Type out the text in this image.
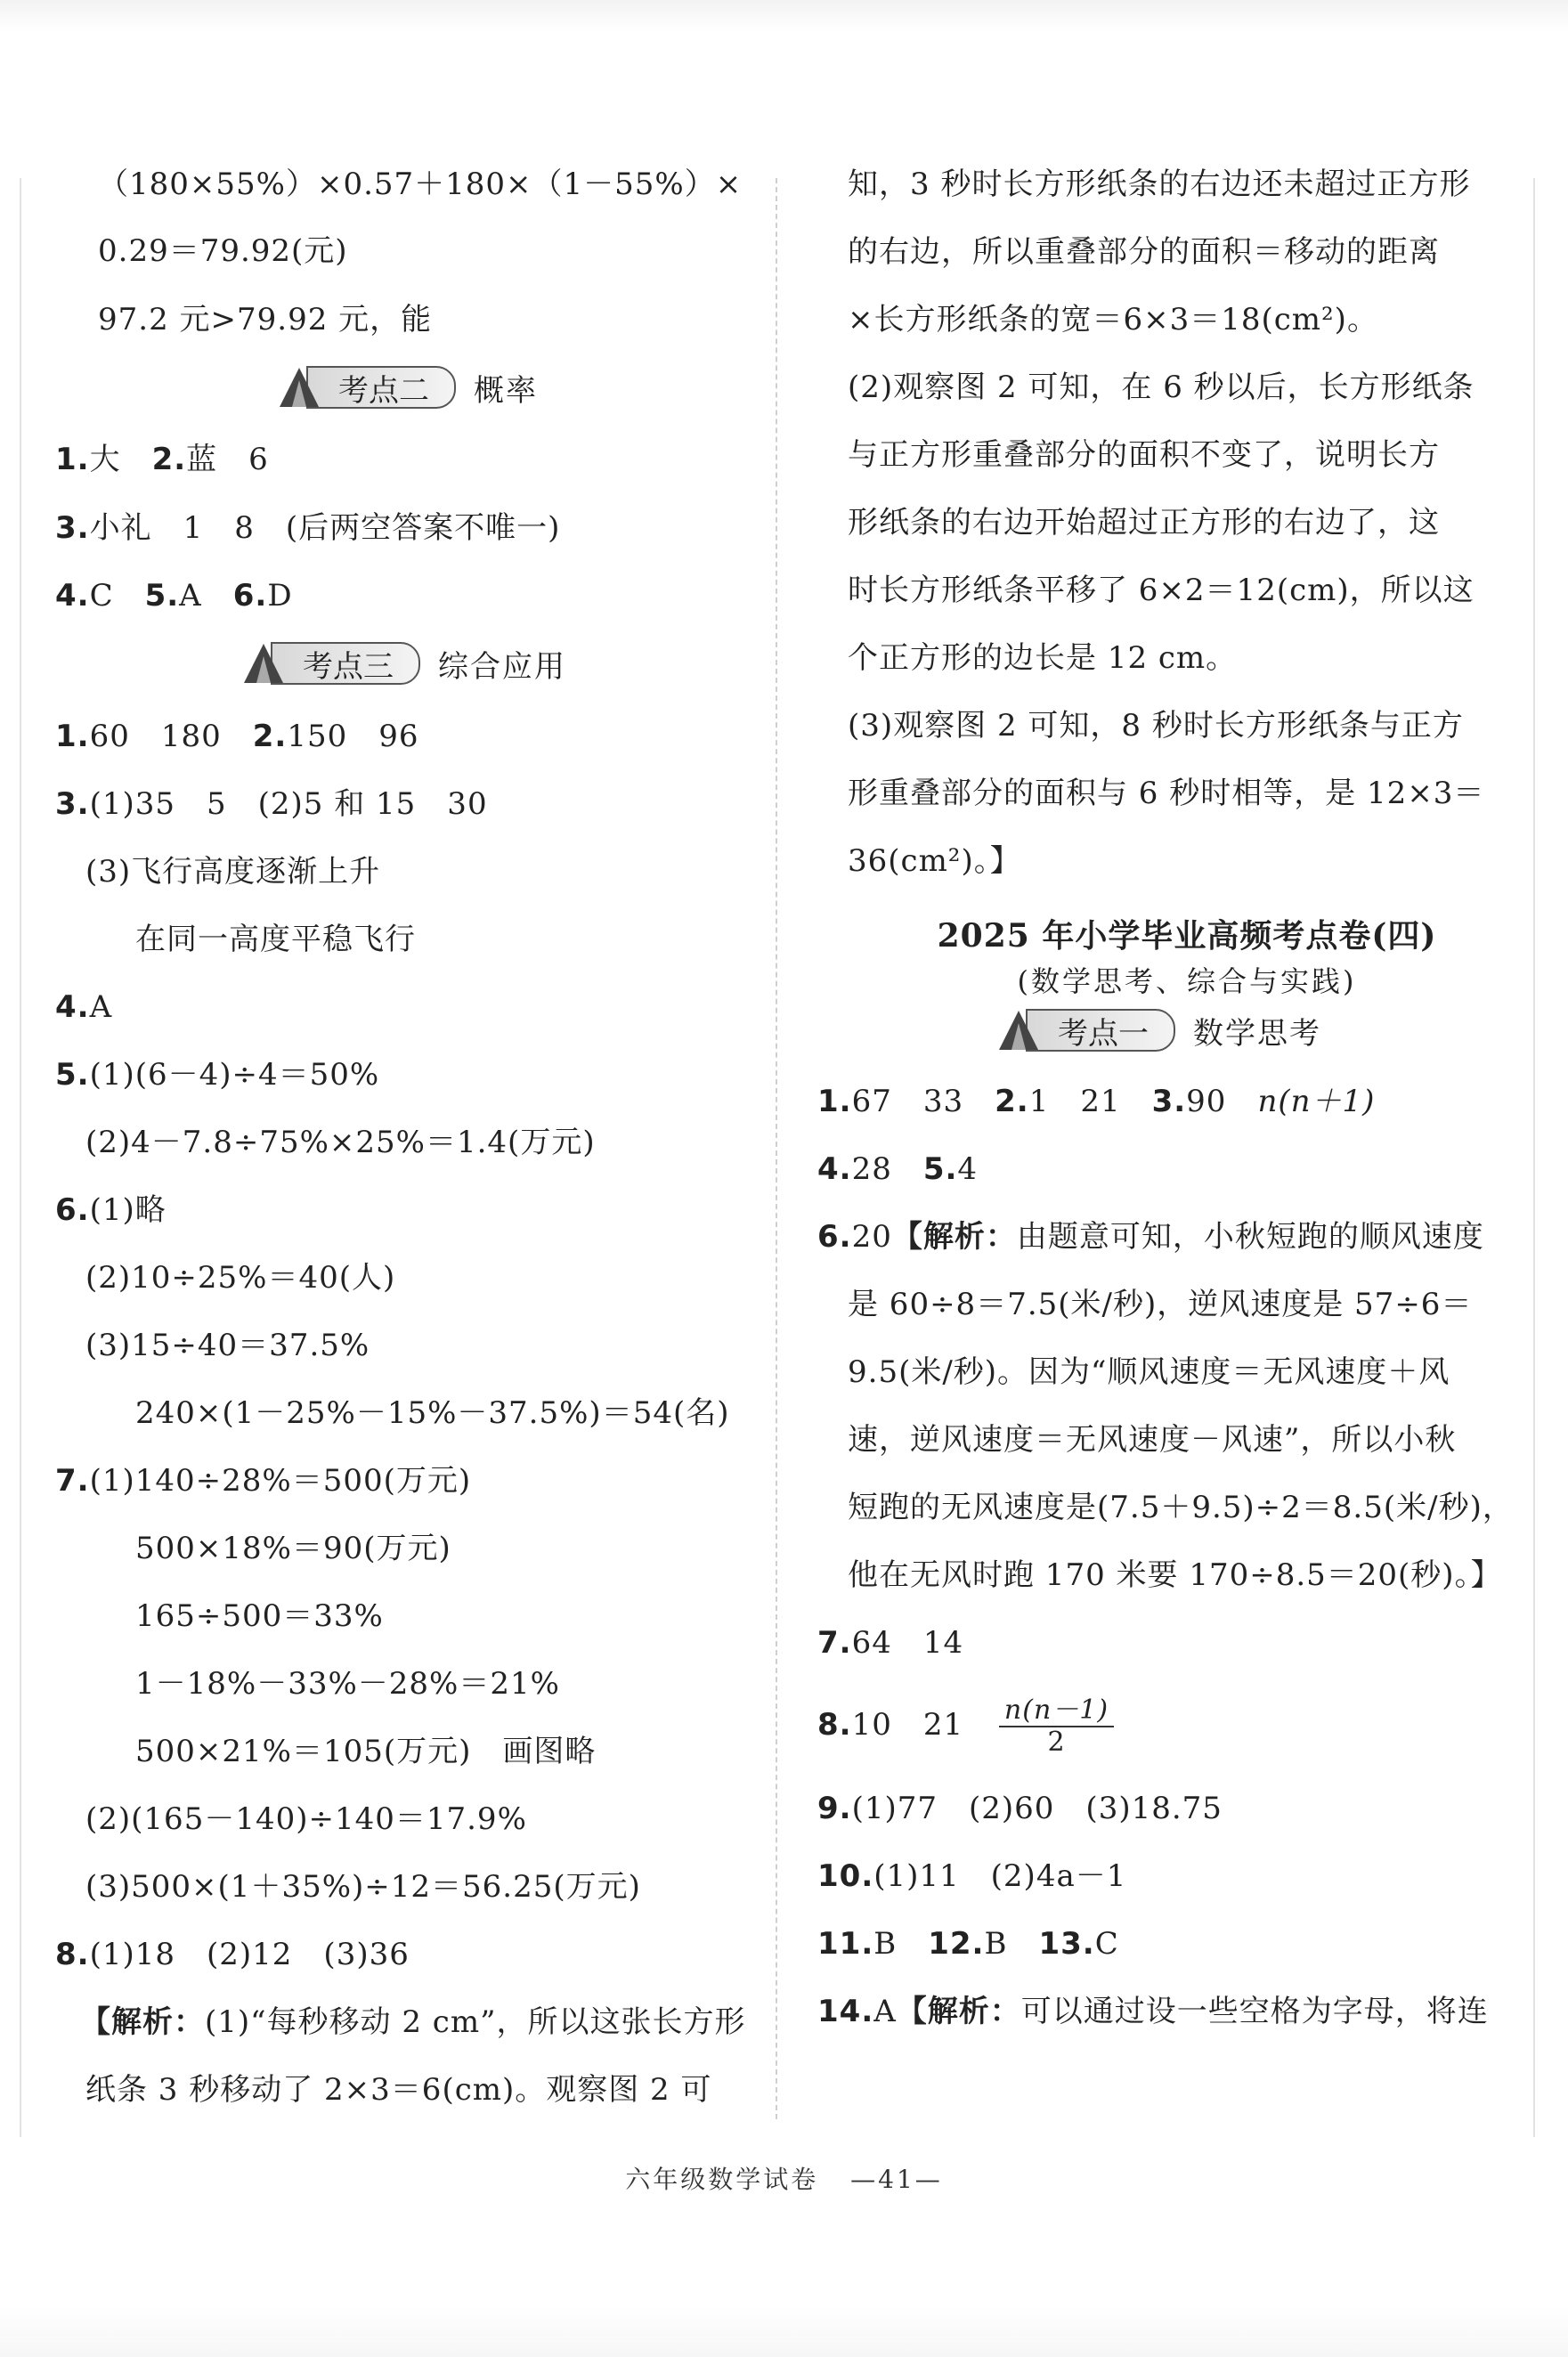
（180×55%）×0.57＋180×（1－55%）×
0.29＝79.92(元)
97.2 元>79.92 元，能
考点二	概率
1.大　 2.蓝　 6
3.小礼　 1　 8　 (后两空答案不唯一)
4.C　 5.A　 6.D
考点三	综合应用
1.60　 180　 2.150　 96
3.(1)35　5　(2)5 和 15　30
(3)飞行高度逐渐上升
在同一高度平稳飞行
4.A
5.(1)(6－4)÷4＝50%
(2)4－7.8÷75%×25%＝1.4(万元)
6.(1)略
(2)10÷25%＝40(人)
(3)15÷40＝37.5%
240×(1－25%－15%－37.5%)＝54(名)
7.(1)140÷28%＝500(万元)
500×18%＝90(万元)
165÷500＝33%
1－18%－33%－28%＝21%
500×21%＝105(万元)　画图略
(2)(165－140)÷140＝17.9%
(3)500×(1＋35%)÷12＝56.25(万元)
8.(1)18　(2)12　(3)36
【解析：(1)“每秒移动 2 cm”，所以这张长方形
纸条 3 秒移动了 2×3＝6(cm)。观察图 2 可
知，3 秒时长方形纸条的右边还未超过正方形
的右边，所以重叠部分的面积＝移动的距离
×长方形纸条的宽＝6×3＝18(cm²)。
(2)观察图 2 可知，在 6 秒以后，长方形纸条
与正方形重叠部分的面积不变了，说明长方
形纸条的右边开始超过正方形的右边了，这
时长方形纸条平移了 6×2＝12(cm)，所以这
个正方形的边长是 12 cm。
(3)观察图 2 可知，8 秒时长方形纸条与正方
形重叠部分的面积与 6 秒时相等，是 12×3＝
36(cm²)。】
2025 年小学毕业高频考点卷(四)
(数学思考、综合与实践)
考点一	数学思考
1.67　33　 2.1　21　 3.90　n(n＋1)
4.28　 5.4
6.20【解析：由题意可知，小秋短跑的顺风速度
是 60÷8＝7.5(米/秒)，逆风速度是 57÷6＝
9.5(米/秒)。因为“顺风速度＝无风速度＋风
速，逆风速度＝无风速度－风速”，所以小秋
短跑的无风速度是(7.5＋9.5)÷2＝8.5(米/秒)，
他在无风时跑 170 米要 170÷8.5＝20(秒)。】
7.64　14
8.10　$21 \frac{n(n-1)}{2}$
9.(1)77　(2)60　(3)18.75
10.(1)11　(2)4a－1
11.B　 12.B　 13.C
14.A【解析：可以通过设一些空格为字母，将连
六年级数学试卷 —41—
